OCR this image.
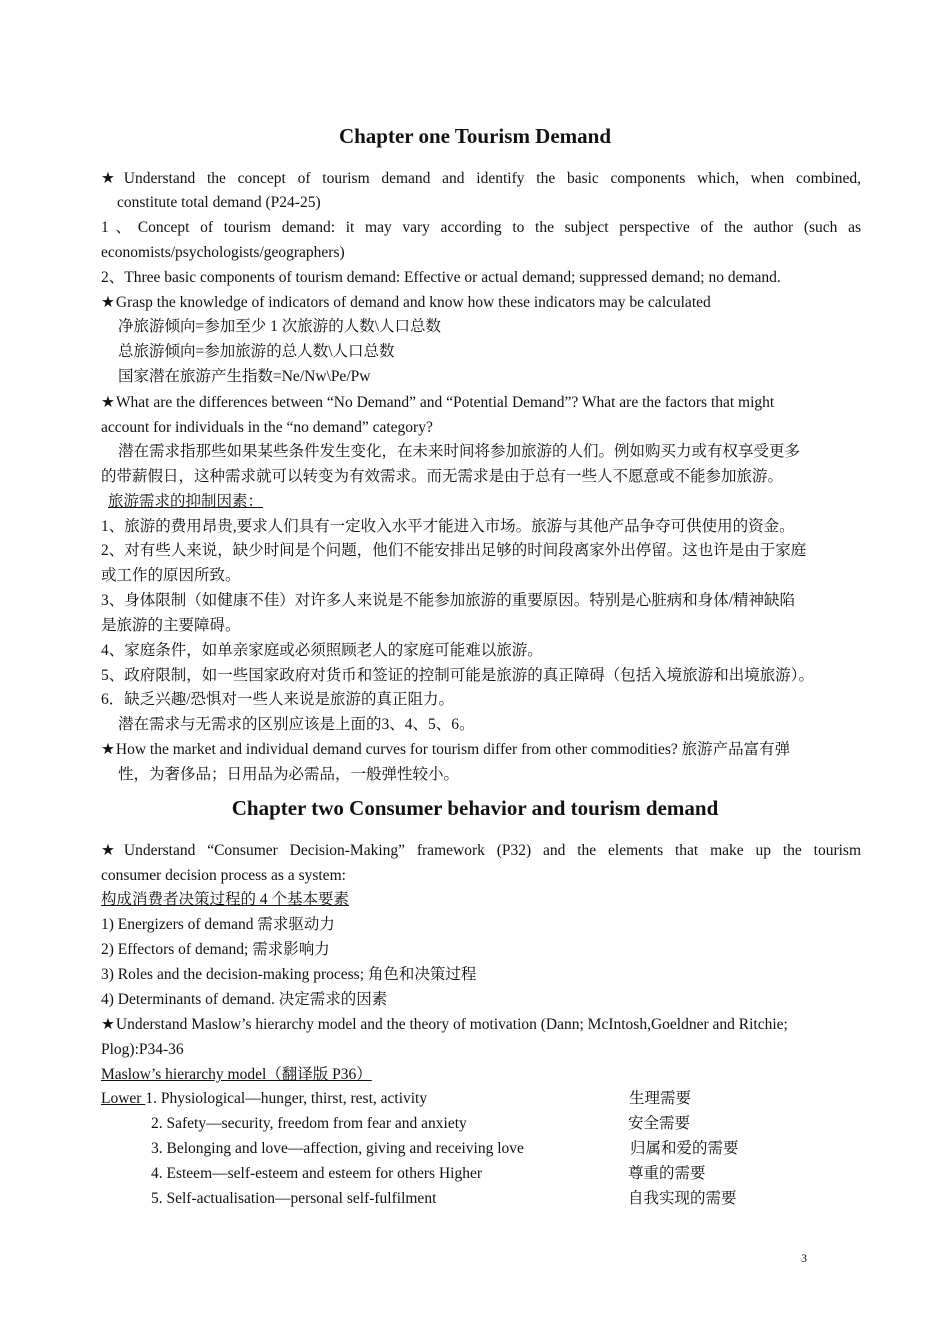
Chapter one Tourism Demand
★Understand the concept of tourism demand and identify the basic components which, when combined,
constitute total demand (P24-25)
1、Concept of tourism demand: it may vary according to the subject perspective of the author (such as
economists/psychologists/geographers)
2、Three basic components of tourism demand: Effective or actual demand; suppressed demand; no demand.
★Grasp the knowledge of indicators of demand and know how these indicators may be calculated
净旅游倾向=参加至少 1 次旅游的人数\人口总数
总旅游倾向=参加旅游的总人数\人口总数
国家潜在旅游产生指数=Ne/Nw\Pe/Pw
★What are the differences between “No Demand” and “Potential Demand”? What are the factors that might
account for individuals in the “no demand” category?
潜在需求指那些如果某些条件发生变化，在未来时间将参加旅游的人们。例如购买力或有权享受更多
的带薪假日，这种需求就可以转变为有效需求。而无需求是由于总有一些人不愿意或不能参加旅游。
旅游需求的抑制因素：
1、旅游的费用昂贵,要求人们具有一定收入水平才能进入市场。旅游与其他产品争夺可供使用的资金。
2、对有些人来说，缺少时间是个问题，他们不能安排出足够的时间段离家外出停留。这也许是由于家庭
或工作的原因所致。
3、身体限制（如健康不佳）对许多人来说是不能参加旅游的重要原因。特别是心脏病和身体/精神缺陷
是旅游的主要障碍。
4、家庭条件，如单亲家庭或必须照顾老人的家庭可能难以旅游。
5、政府限制，如一些国家政府对货币和签证的控制可能是旅游的真正障碍（包括入境旅游和出境旅游）。
6．缺乏兴趣/恐惧对一些人来说是旅游的真正阻力。
潜在需求与无需求的区别应该是上面的3、4、5、6。
★How the market and individual demand curves for tourism differ from other commodities? 旅游产品富有弹
性，为奢侈品；日用品为必需品，一般弹性较小。
Chapter two Consumer behavior and tourism demand
★Understand “Consumer Decision-Making” framework (P32) and the elements that make up the tourism
consumer decision process as a system:
构成消费者决策过程的 4 个基本要素
1) Energizers of demand 需求驱动力
2) Effectors of demand; 需求影响力
3) Roles and the decision-making process; 角色和决策过程
4) Determinants of demand. 决定需求的因素
★Understand Maslow’s hierarchy model and the theory of motivation (Dann; McIntosh,Goeldner and Ritchie;
Plog):P34-36
Maslow’s hierarchy model（翻译版 P36）
Lower 1. Physiological—hunger, thirst, rest, activity
2. Safety—security, freedom from fear and anxiety
3. Belonging and love—affection, giving and receiving love
4. Esteem—self-esteem and esteem for others Higher
5. Self-actualisation—personal self-fulfilment
生理需要
安全需要
归属和爱的需要
尊重的需要
自我实现的需要
3
